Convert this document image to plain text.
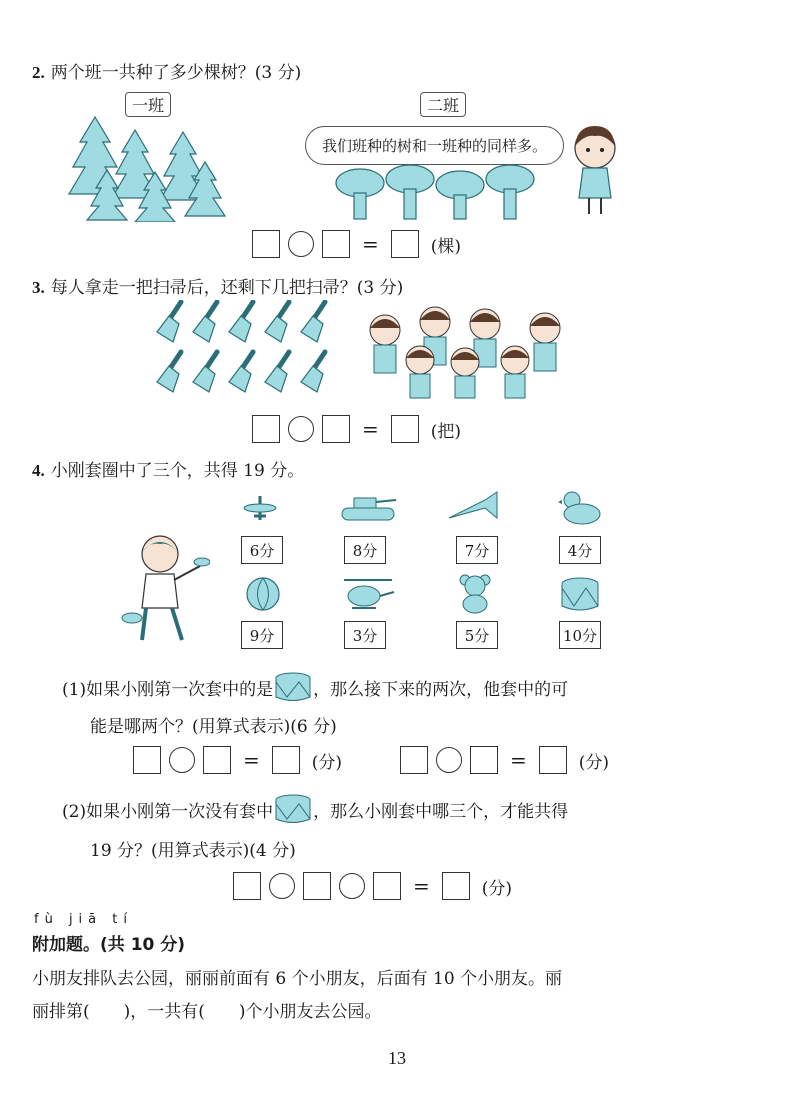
2. 两个班一共种了多少棵树？(3 分)
一班	二班
我们班种的树和一班种的同样多。
=	(棵)
3. 每人拿走一把扫帚后，还剩下几把扫帚？(3 分)
=	(把)
4. 小刚套圈中了三个，共得 19 分。
6分	8分	7分	4分
9分	3分	5分	10分
(1)如果小刚第一次套中的是 ，那么接下来的两次，他套中的可
能是哪两个？(用算式表示)(6 分)
=	(分)	=	(分)
(2)如果小刚第一次没有套中 ，那么小刚套中哪三个，才能共得
19 分？(用算式表示)(4 分)
=	(分)
fù jiā tí
附加题。(共 10 分)
小朋友排队去公园，丽丽前面有 6 个小朋友，后面有 10 个小朋友。丽
丽排第(　　)，一共有(　　)个小朋友去公园。
13
